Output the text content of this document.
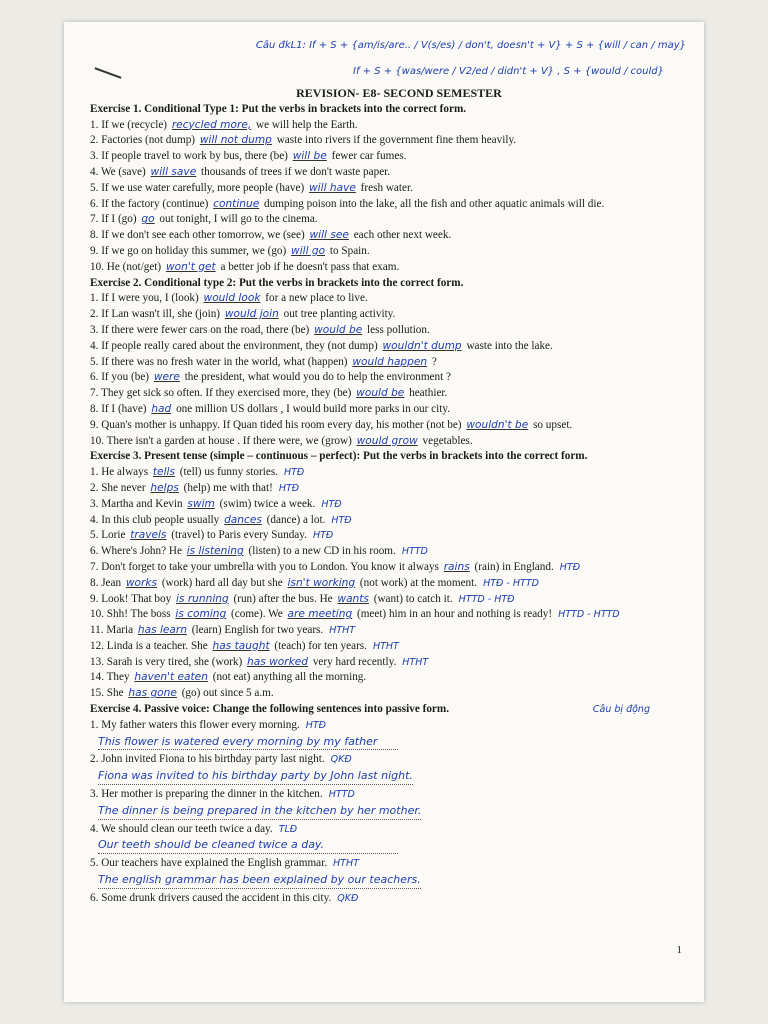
Câu đkL1: If + S + {am/is/are.. / V(s/es) / don't, doesn't + V} + S + {will / can / may}
If + S + {was/were / V2/ed / didn't + V} , S + {would / could}
REVISION- E8- SECOND SEMESTER
Exercise 1. Conditional Type 1: Put the verbs in brackets into the correct form.
1. If we (recycle) recycled more, we will help the Earth.
2. Factories (not dump) will not dump waste into rivers if the government fine them heavily.
3. If people travel to work by bus, there (be) will be fewer car fumes.
4. We (save) will save thousands of trees if we don't waste paper.
5. If we use water carefully, more people (have) will have fresh water.
6. If the factory (continue) continue dumping poison into the lake, all the fish and other aquatic animals will die.
7. If I (go) go out tonight, I will go to the cinema.
8. If we don't see each other tomorrow, we (see) will see each other next week.
9. If we go on holiday this summer, we (go) will go to Spain.
10. He (not/get) won't get a better job if he doesn't pass that exam.
Exercise 2. Conditional type 2: Put the verbs in brackets into the correct form.
1. If I were you, I (look) would look for a new place to live.
2. If Lan wasn't ill, she (join) would join out tree planting activity.
3. If there were fewer cars on the road, there (be) would be less pollution.
4. If people really cared about the environment, they (not dump) wouldn't dump waste into the lake.
5. If there was no fresh water in the world, what (happen) would happen ?
6. If you (be) were the president, what would you do to help the environment ?
7. They get sick so often. If they exercised more, they (be) would be heathier.
8. If I (have) had one million US dollars , I would build more parks in our city.
9. Quan's mother is unhappy. If Quan tided his room every day, his mother (not be) wouldn't be so upset.
10. There isn't a garden at house . If there were, we (grow) would grow vegetables.
Exercise 3. Present tense (simple – continuous – perfect): Put the verbs in brackets into the correct form.
1. He always tells (tell) us funny stories. HTĐ
2. She never helps (help) me with that! HTĐ
3. Martha and Kevin swim (swim) twice a week. HTĐ
4. In this club people usually dances (dance) a lot. HTĐ
5. Lorie travels (travel) to Paris every Sunday. HTĐ
6. Where's John? He is listening (listen) to a new CD in his room. HTTD
7. Don't forget to take your umbrella with you to London. You know it always rains (rain) in England. HTĐ
8. Jean works (work) hard all day but she isn't working (not work) at the moment. HTĐ - HTTD
9. Look! That boy is running (run) after the bus. He wants (want) to catch it. HTTD - HTĐ
10. Shh! The boss is coming (come). We are meeting (meet) him in an hour and nothing is ready! HTTD - HTTD
11. Maria has learn (learn) English for two years. HTHT
12. Linda is a teacher. She has taught (teach) for ten years. HTHT
13. Sarah is very tired, she (work) has worked very hard recently. HTHT
14. They haven't eaten (not eat) anything all the morning.
15. She has gone (go) out since 5 a.m.
Exercise 4. Passive voice: Change the following sentences into passive form.	Câu bị động
1. My father waters this flower every morning. HTĐ
This flower is watered every morning by my father
2. John invited Fiona to his birthday party last night. QKĐ
Fiona was invited to his birthday party by John last night.
3. Her mother is preparing the dinner in the kitchen. HTTD
The dinner is being prepared in the kitchen by her mother.
4. We should clean our teeth twice a day. TLĐ
Our teeth should be cleaned twice a day.
5. Our teachers have explained the English grammar. HTHT
The english grammar has been explained by our teachers.
6. Some drunk drivers caused the accident in this city. QKĐ
1
